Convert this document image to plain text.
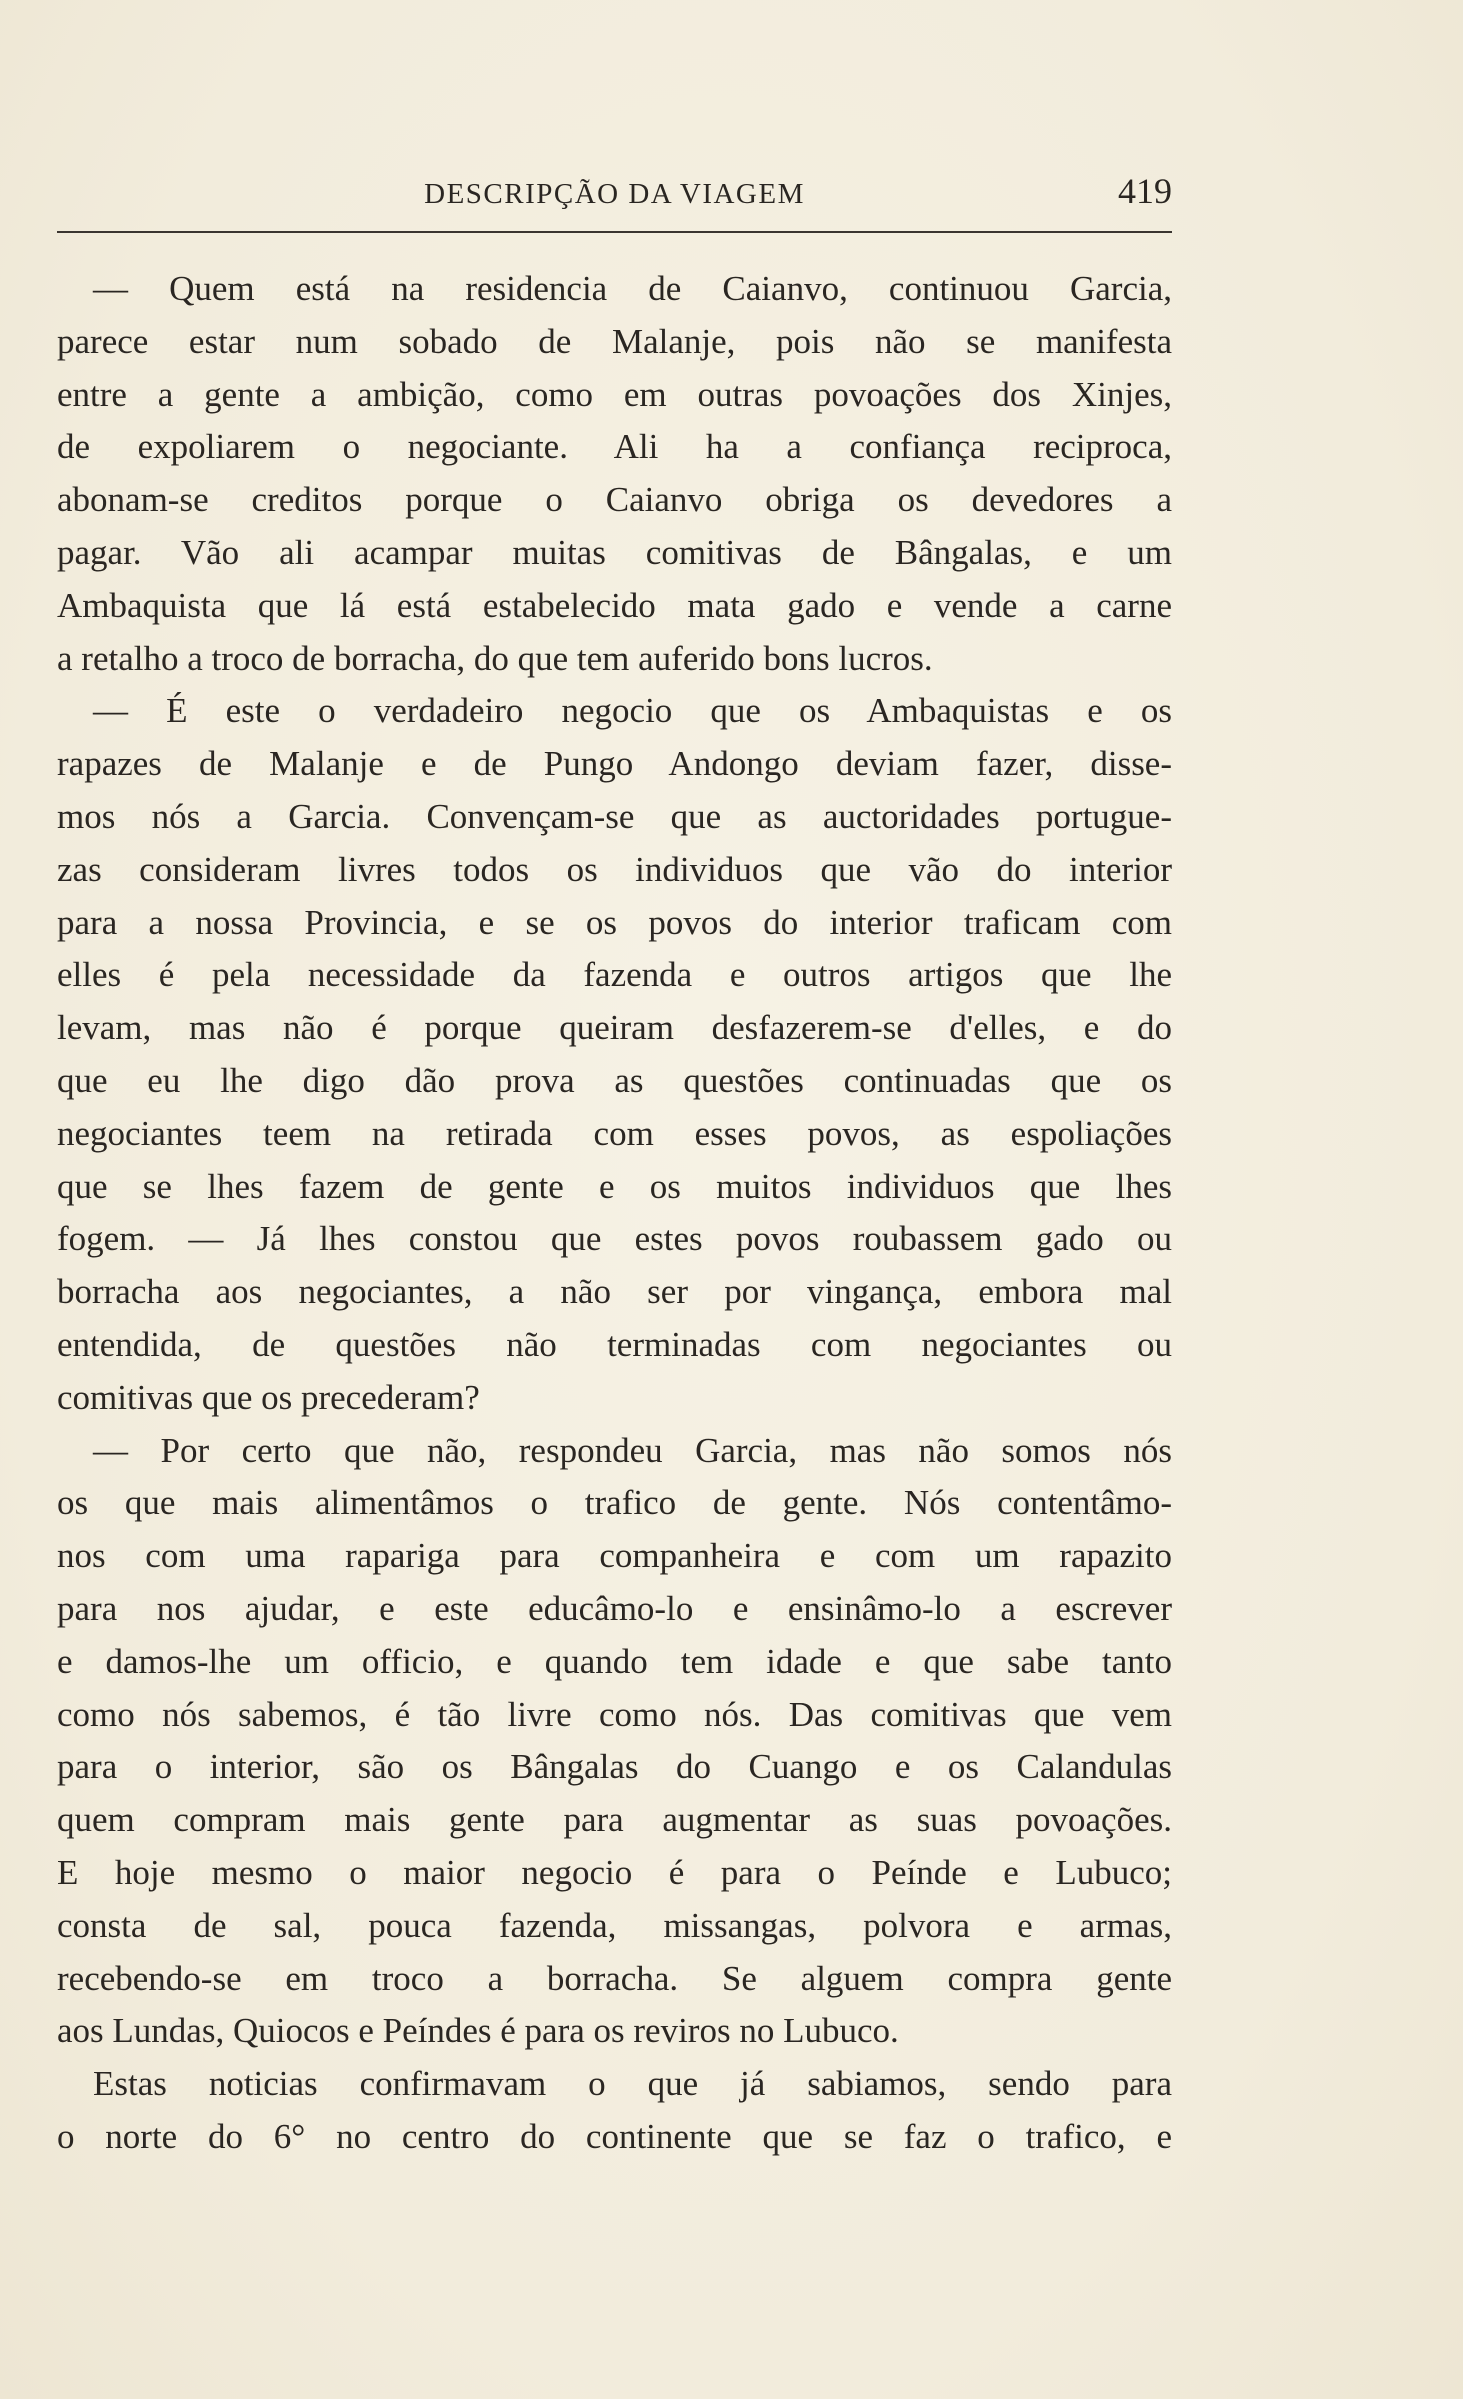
DESCRIPÇÃO DA VIAGEM	419
— Quem está na residencia de Caianvo, continuou Garcia,
parece estar num sobado de Malanje, pois não se manifesta
entre a gente a ambição, como em outras povoações dos Xinjes,
de expoliarem o negociante. Ali ha a confiança reciproca,
abonam-se creditos porque o Caianvo obriga os devedores a
pagar. Vão ali acampar muitas comitivas de Bângalas, e um
Ambaquista que lá está estabelecido mata gado e vende a carne
a retalho a troco de borracha, do que tem auferido bons lucros.
— É este o verdadeiro negocio que os Ambaquistas e os
rapazes de Malanje e de Pungo Andongo deviam fazer, disse-
mos nós a Garcia. Convençam-se que as auctoridades portugue-
zas consideram livres todos os individuos que vão do interior
para a nossa Provincia, e se os povos do interior traficam com
elles é pela necessidade da fazenda e outros artigos que lhe
levam, mas não é porque queiram desfazerem-se d'elles, e do
que eu lhe digo dão prova as questões continuadas que os
negociantes teem na retirada com esses povos, as espoliações
que se lhes fazem de gente e os muitos individuos que lhes
fogem. — Já lhes constou que estes povos roubassem gado ou
borracha aos negociantes, a não ser por vingança, embora mal
entendida, de questões não terminadas com negociantes ou
comitivas que os precederam?
— Por certo que não, respondeu Garcia, mas não somos nós
os que mais alimentâmos o trafico de gente. Nós contentâmo-
nos com uma rapariga para companheira e com um rapazito
para nos ajudar, e este educâmo-lo e ensinâmo-lo a escrever
e damos-lhe um officio, e quando tem idade e que sabe tanto
como nós sabemos, é tão livre como nós. Das comitivas que vem
para o interior, são os Bângalas do Cuango e os Calandulas
quem compram mais gente para augmentar as suas povoações.
E hoje mesmo o maior negocio é para o Peínde e Lubuco;
consta de sal, pouca fazenda, missangas, polvora e armas,
recebendo-se em troco a borracha. Se alguem compra gente
aos Lundas, Quiocos e Peíndes é para os reviros no Lubuco.
Estas noticias confirmavam o que já sabiamos, sendo para
o norte do 6° no centro do continente que se faz o trafico, e
